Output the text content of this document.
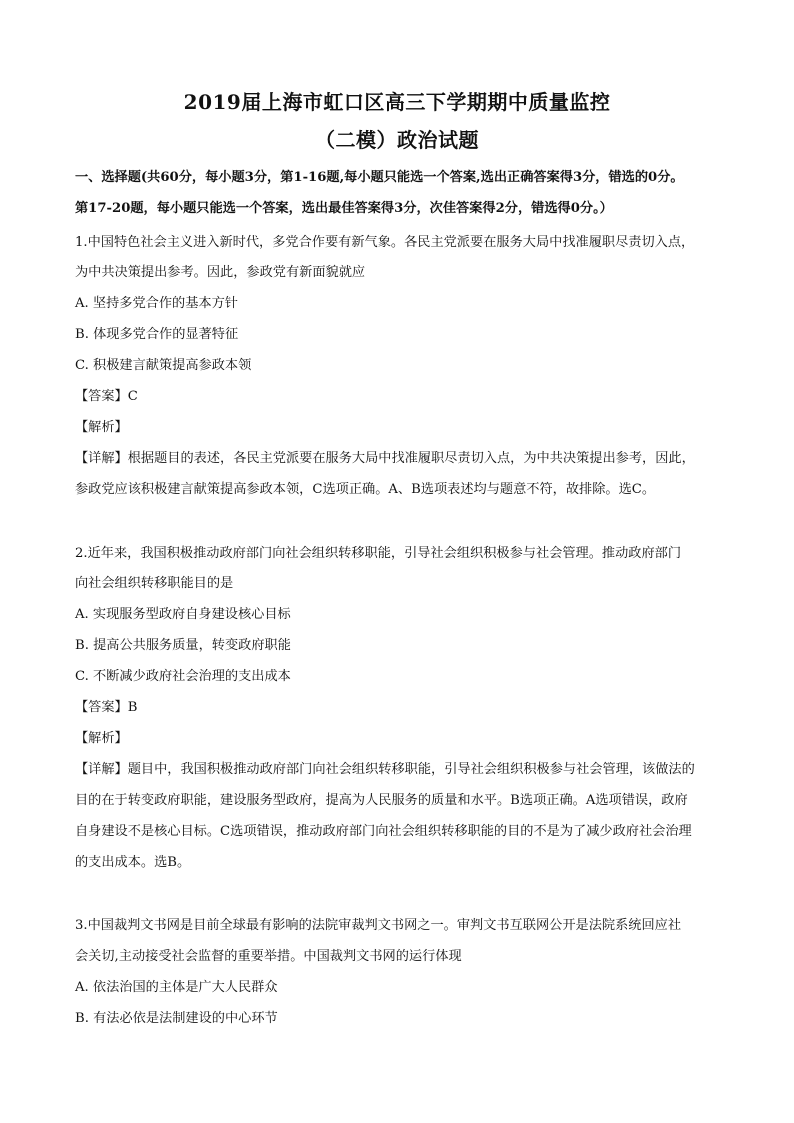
2019届上海市虹口区高三下学期期中质量监控
（二模）政治试题
一、选择题(共60分，每小题3分，第1-16题,每小题只能选一个答案,选出正确答案得3分，错选的0分。
第17-20题，每小题只能选一个答案，选出最佳答案得3分，次佳答案得2分，错选得0分。）
1.中国特色社会主义进入新时代，多党合作要有新气象。各民主党派要在服务大局中找准履职尽责切入点，
为中共决策提出参考。因此，参政党有新面貌就应
A. 坚持多党合作的基本方针
B. 体现多党合作的显著特征
C. 积极建言献策提高参政本领
【答案】C
【解析】
【详解】根据题目的表述，各民主党派要在服务大局中找准履职尽责切入点，为中共决策提出参考，因此，
参政党应该积极建言献策提高参政本领，C选项正确。A、B选项表述均与题意不符，故排除。选C。
2.近年来，我国积极推动政府部门向社会组织转移职能，引导社会组织积极参与社会管理。推动政府部门
向社会组织转移职能目的是
A. 实现服务型政府自身建设核心目标
B. 提高公共服务质量，转变政府职能
C. 不断减少政府社会治理的支出成本
【答案】B
【解析】
【详解】题目中，我国积极推动政府部门向社会组织转移职能，引导社会组织积极参与社会管理，该做法的
目的在于转变政府职能，建设服务型政府，提高为人民服务的质量和水平。B选项正确。A选项错误，政府
自身建设不是核心目标。C选项错误，推动政府部门向社会组织转移职能的目的不是为了减少政府社会治理
的支出成本。选B。
3.中国裁判文书网是目前全球最有影响的法院审裁判文书网之一。审判文书互联网公开是法院系统回应社
会关切,主动接受社会监督的重要举措。中国裁判文书网的运行体现
A. 依法治国的主体是广大人民群众
B. 有法必依是法制建设的中心环节
